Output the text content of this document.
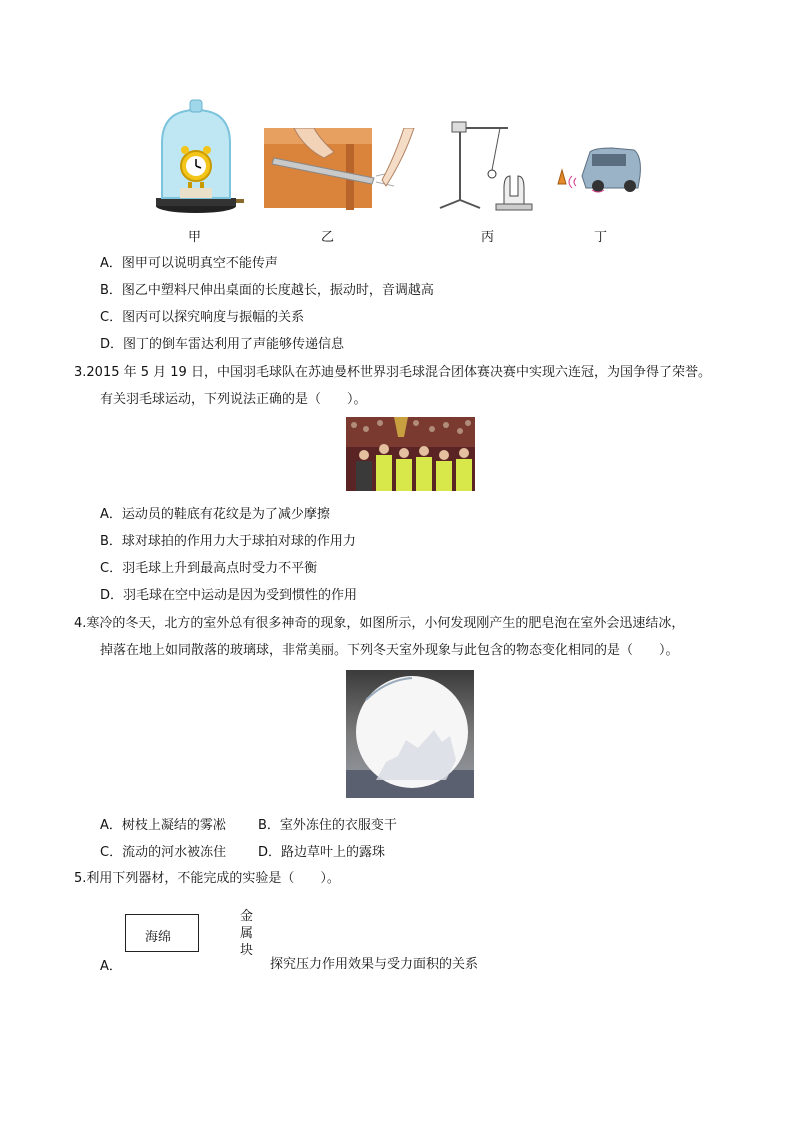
甲	乙	丙	丁
A．图甲可以说明真空不能传声
B．图乙中塑料尺伸出桌面的长度越长，振动时，音调越高
C．图丙可以探究响度与振幅的关系
D．图丁的倒车雷达利用了声能够传递信息
3.2015 年 5 月 19 日，中国羽毛球队在苏迪曼杯世界羽毛球混合团体赛决赛中实现六连冠，为国争得了荣誉。
有关羽毛球运动，下列说法正确的是（　　）。
A．运动员的鞋底有花纹是为了减少摩擦
B．球对球拍的作用力大于球拍对球的作用力
C．羽毛球上升到最高点时受力不平衡
D．羽毛球在空中运动是因为受到惯性的作用
4.寒冷的冬天，北方的室外总有很多神奇的现象，如图所示，小何发现刚产生的肥皂泡在室外会迅速结冰，
掉落在地上如同散落的玻璃球，非常美丽。下列冬天室外现象与此包含的物态变化相同的是（　　）。
A．树枝上凝结的雾凇 B．室外冻住的衣服变干
C．流动的河水被冻住 D．路边草叶上的露珠
5.利用下列器材，不能完成的实验是（　　）。
海绵
金
属
块
A．	探究压力作用效果与受力面积的关系
